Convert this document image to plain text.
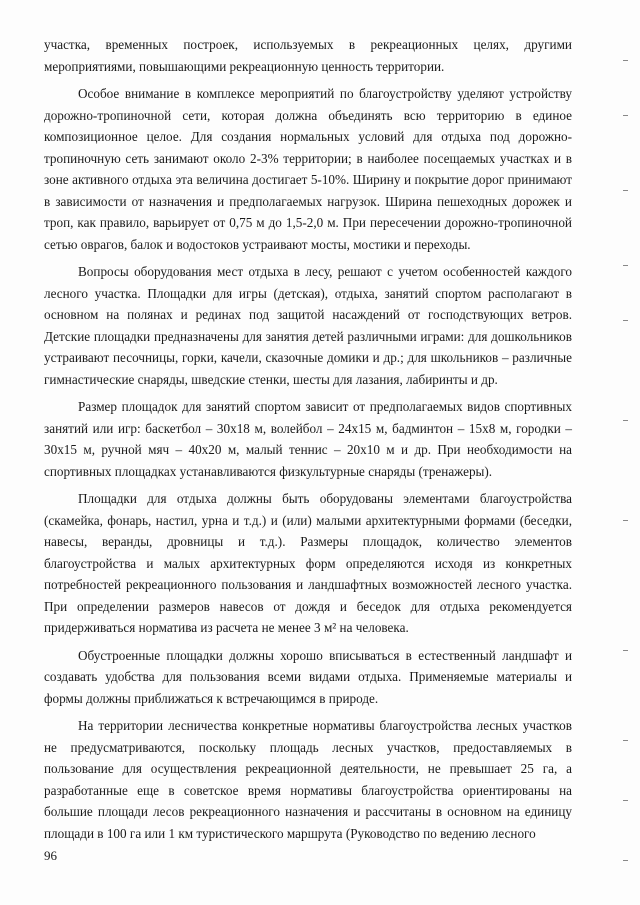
участка, временных построек, используемых в рекреационных целях, другими мероприятиями, повышающими рекреационную ценность территории.

Особое внимание в комплексе мероприятий по благоустройству уделяют устройству дорожно-тропиночной сети, которая должна объединять всю территорию в единое композиционное целое. Для создания нормальных условий для отдыха под дорожно-тропиночную сеть занимают около 2-3% территории; в наиболее посещаемых участках и в зоне активного отдыха эта величина достигает 5-10%. Ширину и покрытие дорог принимают в зависимости от назначения и предполагаемых нагрузок. Ширина пешеходных дорожек и троп, как правило, варьирует от 0,75 м до 1,5-2,0 м. При пересечении дорожно-тропиночной сетью оврагов, балок и водостоков устраивают мосты, мостики и переходы.

Вопросы оборудования мест отдыха в лесу, решают с учетом особенностей каждого лесного участка. Площадки для игры (детская), отдыха, занятий спортом располагают в основном на полянах и рединах под защитой насаждений от господствующих ветров. Детские площадки предназначены для занятия детей различными играми: для дошкольников устраивают песочницы, горки, качели, сказочные домики и др.; для школьников – различные гимнастические снаряды, шведские стенки, шесты для лазания, лабиринты и др.

Размер площадок для занятий спортом зависит от предполагаемых видов спортивных занятий или игр: баскетбол – 30х18 м, волейбол – 24х15 м, бадминтон – 15х8 м, городки – 30х15 м, ручной мяч – 40х20 м, малый теннис – 20х10 м и др. При необходимости на спортивных площадках устанавливаются физкультурные снаряды (тренажеры).

Площадки для отдыха должны быть оборудованы элементами благоустройства (скамейка, фонарь, настил, урна и т.д.) и (или) малыми архитектурными формами (беседки, навесы, веранды, дровницы и т.д.). Размеры площадок, количество элементов благоустройства и малых архитектурных форм определяются исходя из конкретных потребностей рекреационного пользования и ландшафтных возможностей лесного участка. При определении размеров навесов от дождя и беседок для отдыха рекомендуется придерживаться норматива из расчета не менее 3 м² на человека.

Обустроенные площадки должны хорошо вписываться в естественный ландшафт и создавать удобства для пользования всеми видами отдыха. Применяемые материалы и формы должны приближаться к встречающимся в природе.

На территории лесничества конкретные нормативы благоустройства лесных участков не предусматриваются, поскольку площадь лесных участков, предоставляемых в пользование для осуществления рекреационной деятельности, не превышает 25 га, а разработанные еще в советское время нормативы благоустройства ориентированы на большие площади лесов рекреационного назначения и рассчитаны в основном на единицу площади в 100 га или 1 км туристического маршрута (Руководство по ведению лесного

96
